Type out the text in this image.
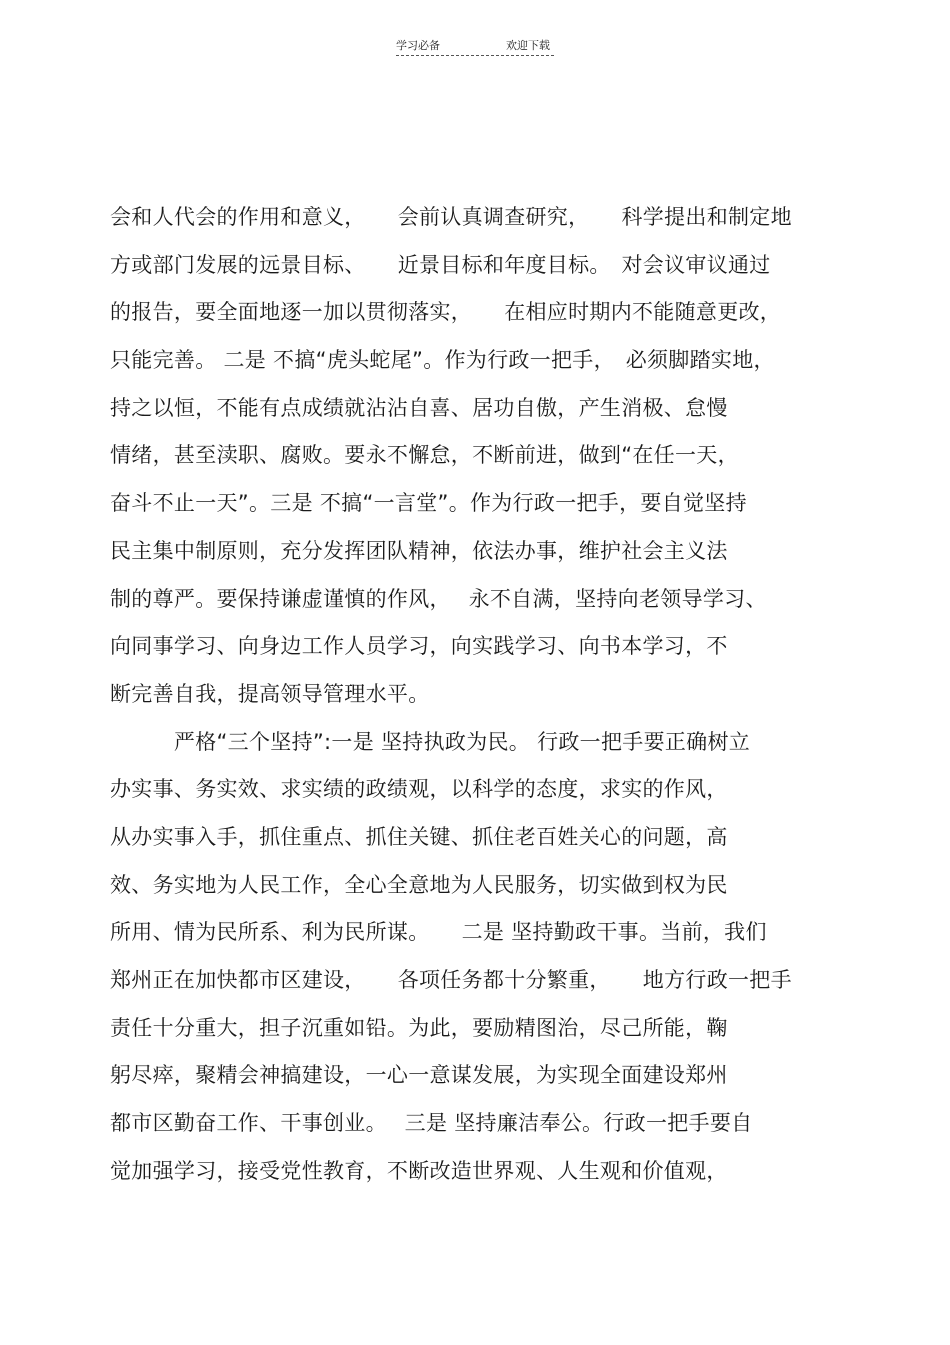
学习必备	欢迎下载
会和人代会的作用和意义，　　会前认真调查研究，　　科学提出和制定地
方或部门发展的远景目标、　　近景目标和年度目标。　对会议审议通过
的报告，要全面地逐一加以贯彻落实，　　在相应时期内不能随意更改，
只能完善。 二是 不搞“虎头蛇尾”。作为行政一把手，　必须脚踏实地，
持之以恒，不能有点成绩就沾沾自喜、居功自傲，产生消极、怠慢
情绪，甚至渎职、腐败。要永不懈怠，不断前进，做到“在任一天，
奋斗不止一天”。三是 不搞“一言堂”。作为行政一把手，要自觉坚持
民主集中制原则，充分发挥团队精神，依法办事，维护社会主义法
制的尊严。要保持谦虚谨慎的作风，　 永不自满，坚持向老领导学习、
向同事学习、向身边工作人员学习，向实践学习、向书本学习，不
断完善自我，提高领导管理水平。
　　　严格“三个坚持”:一是 坚持执政为民。 行政一把手要正确树立
办实事、务实效、求实绩的政绩观，以科学的态度，求实的作风，
从办实事入手，抓住重点、抓住关键、抓住老百姓关心的问题，高
效、务实地为人民工作，全心全意地为人民服务，切实做到权为民
所用、情为民所系、利为民所谋。　　二是 坚持勤政干事。当前，我们
郑州正在加快都市区建设，　　各项任务都十分繁重，　　地方行政一把手
责任十分重大，担子沉重如铅。为此，要励精图治，尽己所能，鞠
躬尽瘁，聚精会神搞建设，一心一意谋发展，为实现全面建设郑州
都市区勤奋工作、干事创业。　 三是 坚持廉洁奉公。行政一把手要自
觉加强学习，接受党性教育，不断改造世界观、人生观和价值观，
